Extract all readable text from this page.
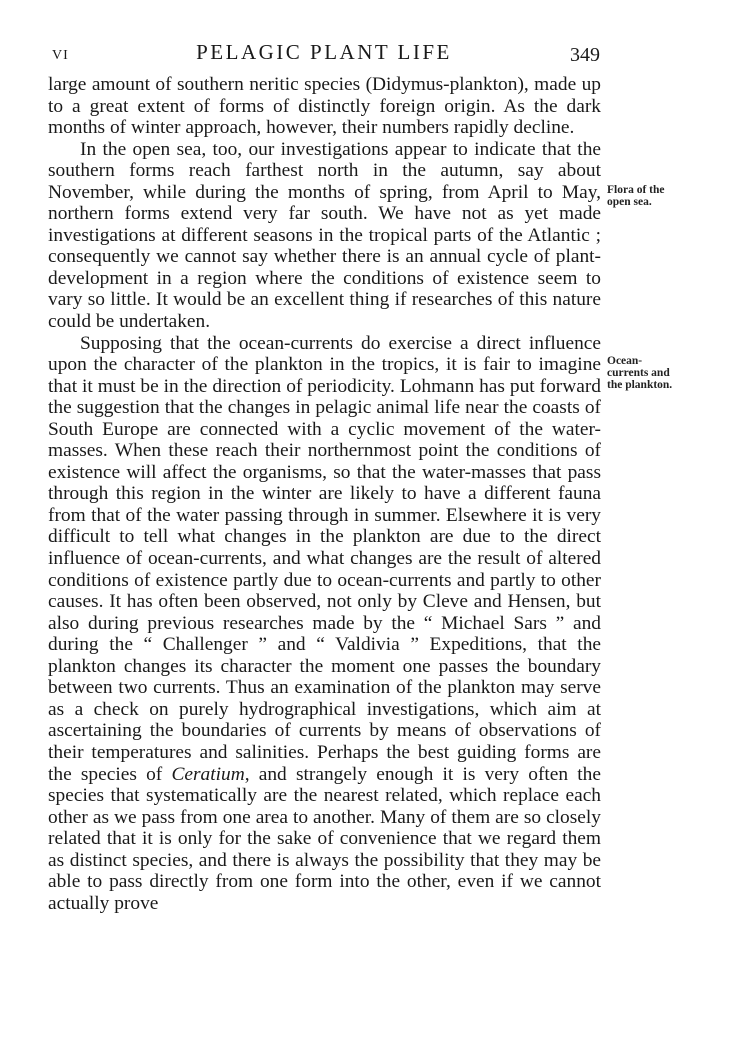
VI	PELAGIC PLANT LIFE	349

large amount of southern neritic species (Didymus-plankton), made up to a great extent of forms of distinctly foreign origin. As the dark months of winter approach, however, their numbers rapidly decline.

In the open sea, too, our investigations appear to indicate that the southern forms reach farthest north in the autumn, say about November, while during the months of spring, from April to May, northern forms extend very far south. We have not as yet made investigations at different seasons in the tropical parts of the Atlantic ; consequently we cannot say whether there is an annual cycle of plant-development in a region where the conditions of existence seem to vary so little. It would be an excellent thing if researches of this nature could be undertaken.

Supposing that the ocean-currents do exercise a direct influence upon the character of the plankton in the tropics, it is fair to imagine that it must be in the direction of periodicity. Lohmann has put forward the suggestion that the changes in pelagic animal life near the coasts of South Europe are connected with a cyclic movement of the water-masses. When these reach their northernmost point the conditions of existence will affect the organisms, so that the water-masses that pass through this region in the winter are likely to have a different fauna from that of the water passing through in summer. Elsewhere it is very difficult to tell what changes in the plankton are due to the direct influence of ocean-currents, and what changes are the result of altered conditions of existence partly due to ocean-currents and partly to other causes. It has often been observed, not only by Cleve and Hensen, but also during previous researches made by the “ Michael Sars ” and during the “ Challenger ” and “ Valdivia ” Expeditions, that the plankton changes its character the moment one passes the boundary between two currents. Thus an examination of the plankton may serve as a check on purely hydrographical investigations, which aim at ascertaining the boundaries of currents by means of observations of their temperatures and salinities. Perhaps the best guiding forms are the species of Ceratium, and strangely enough it is very often the species that systematically are the nearest related, which replace each other as we pass from one area to another. Many of them are so closely related that it is only for the sake of convenience that we regard them as distinct species, and there is always the possibility that they may be able to pass directly from one form into the other, even if we cannot actually prove

Flora of the
open sea.
Ocean-
currents and
the plankton.
